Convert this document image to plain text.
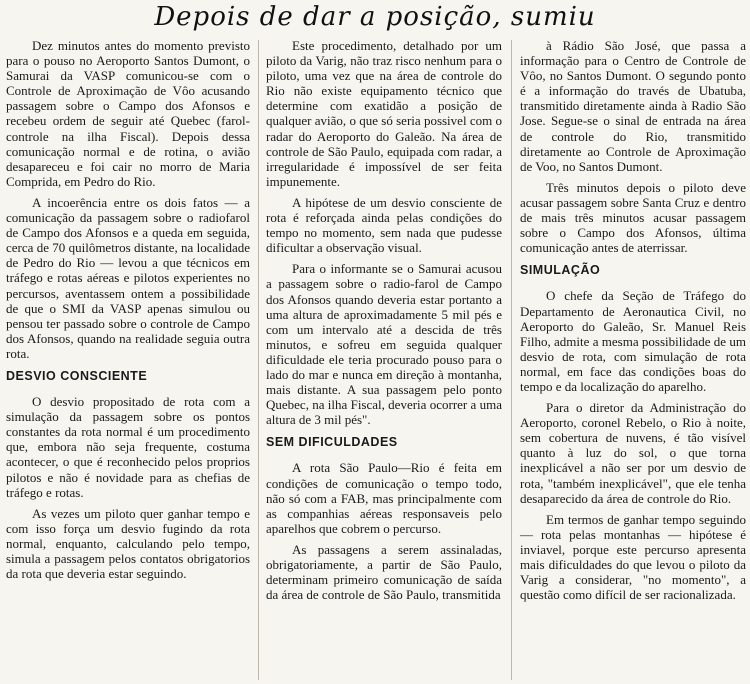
Depois de dar a posição, sumiu

Dez minutos antes do momento previsto para o pouso no Aeroporto Santos Dumont, o Samurai da VASP comunicou-se com o Controle de Aproximação de Vôo acusando passagem sobre o Campo dos Afonsos e recebeu ordem de seguir até Quebec (farol-controle na ilha Fiscal). Depois dessa comunicação normal e de rotina, o avião desapareceu e foi cair no morro de Maria Comprida, em Pedro do Rio.

A incoerência entre os dois fatos — a comunicação da passagem sobre o radiofarol de Campo dos Afonsos e a queda em seguida, cerca de 70 quilômetros distante, na localidade de Pedro do Rio — levou a que técnicos em tráfego e rotas aéreas e pilotos experientes no percursos, aventassem ontem a possibilidade de que o SMI da VASP apenas simulou ou pensou ter passado sobre o controle de Campo dos Afonsos, quando na realidade seguia outra rota.

DESVIO CONSCIENTE

O desvio propositado de rota com a simulação da passagem sobre os pontos constantes da rota normal é um procedimento que, embora não seja frequente, costuma acontecer, o que é reconhecido pelos proprios pilotos e não é novidade para as chefias de tráfego e rotas.

As vezes um piloto quer ganhar tempo e com isso força um desvio fugindo da rota normal, enquanto, calculando pelo tempo, simula a passagem pelos contatos obrigatorios da rota que deveria estar seguindo.

Este procedimento, detalhado por um piloto da Varig, não traz risco nenhum para o piloto, uma vez que na área de controle do Rio não existe equipamento técnico que determine com exatidão a posição de qualquer avião, o que só seria possivel com o radar do Aeroporto do Galeão. Na área de controle de São Paulo, equipada com radar, a irregularidade é impossível de ser feita impunemente.

A hipótese de um desvio consciente de rota é reforçada ainda pelas condições do tempo no momento, sem nada que pudesse dificultar a observação visual.

Para o informante se o Samurai acusou a passagem sobre o radio-farol de Campo dos Afonsos quando deveria estar portanto a uma altura de aproximadamente 5 mil pés e com um intervalo até a descida de três minutos, e sofreu em seguida qualquer dificuldade ele teria procurado pouso para o lado do mar e nunca em direção à montanha, mais distante. A sua passagem pelo ponto Quebec, na ilha Fiscal, deveria ocorrer a uma altura de 3 mil pés".

SEM DIFICULDADES

A rota São Paulo—Rio é feita em condições de comunicação o tempo todo, não só com a FAB, mas principalmente com as companhias aéreas responsaveis pelo aparelhos que cobrem o percurso.

As passagens a serem assinaladas, obrigatoriamente, a partir de São Paulo, determinam primeiro comunicação de saída da área de controle de São Paulo, transmitida

à Rádio São José, que passa a informação para o Centro de Controle de Vôo, no Santos Dumont. O segundo ponto é a informação do través de Ubatuba, transmitido diretamente ainda à Radio São Jose. Segue-se o sinal de entrada na área de controle do Rio, transmitido diretamente ao Controle de Aproximação de Voo, no Santos Dumont.

Três minutos depois o piloto deve acusar passagem sobre Santa Cruz e dentro de mais três minutos acusar passagem sobre o Campo dos Afonsos, última comunicação antes de aterrissar.

SIMULAÇÃO

O chefe da Seção de Tráfego do Departamento de Aeronautica Civil, no Aeroporto do Galeão, Sr. Manuel Reis Filho, admite a mesma possibilidade de um desvio de rota, com simulação de rota normal, em face das condições boas do tempo e da localização do aparelho.

Para o diretor da Administração do Aeroporto, coronel Rebelo, o Rio à noite, sem cobertura de nuvens, é tão visível quanto à luz do sol, o que torna inexplicável a não ser por um desvio de rota, "também inexplicável", que ele tenha desaparecido da área de controle do Rio.

Em termos de ganhar tempo seguindo — rota pelas montanhas — hipótese é inviavel, porque este percurso apresenta mais dificuldades do que levou o piloto da Varig a considerar, "no momento", a questão como difícil de ser racionalizada.
